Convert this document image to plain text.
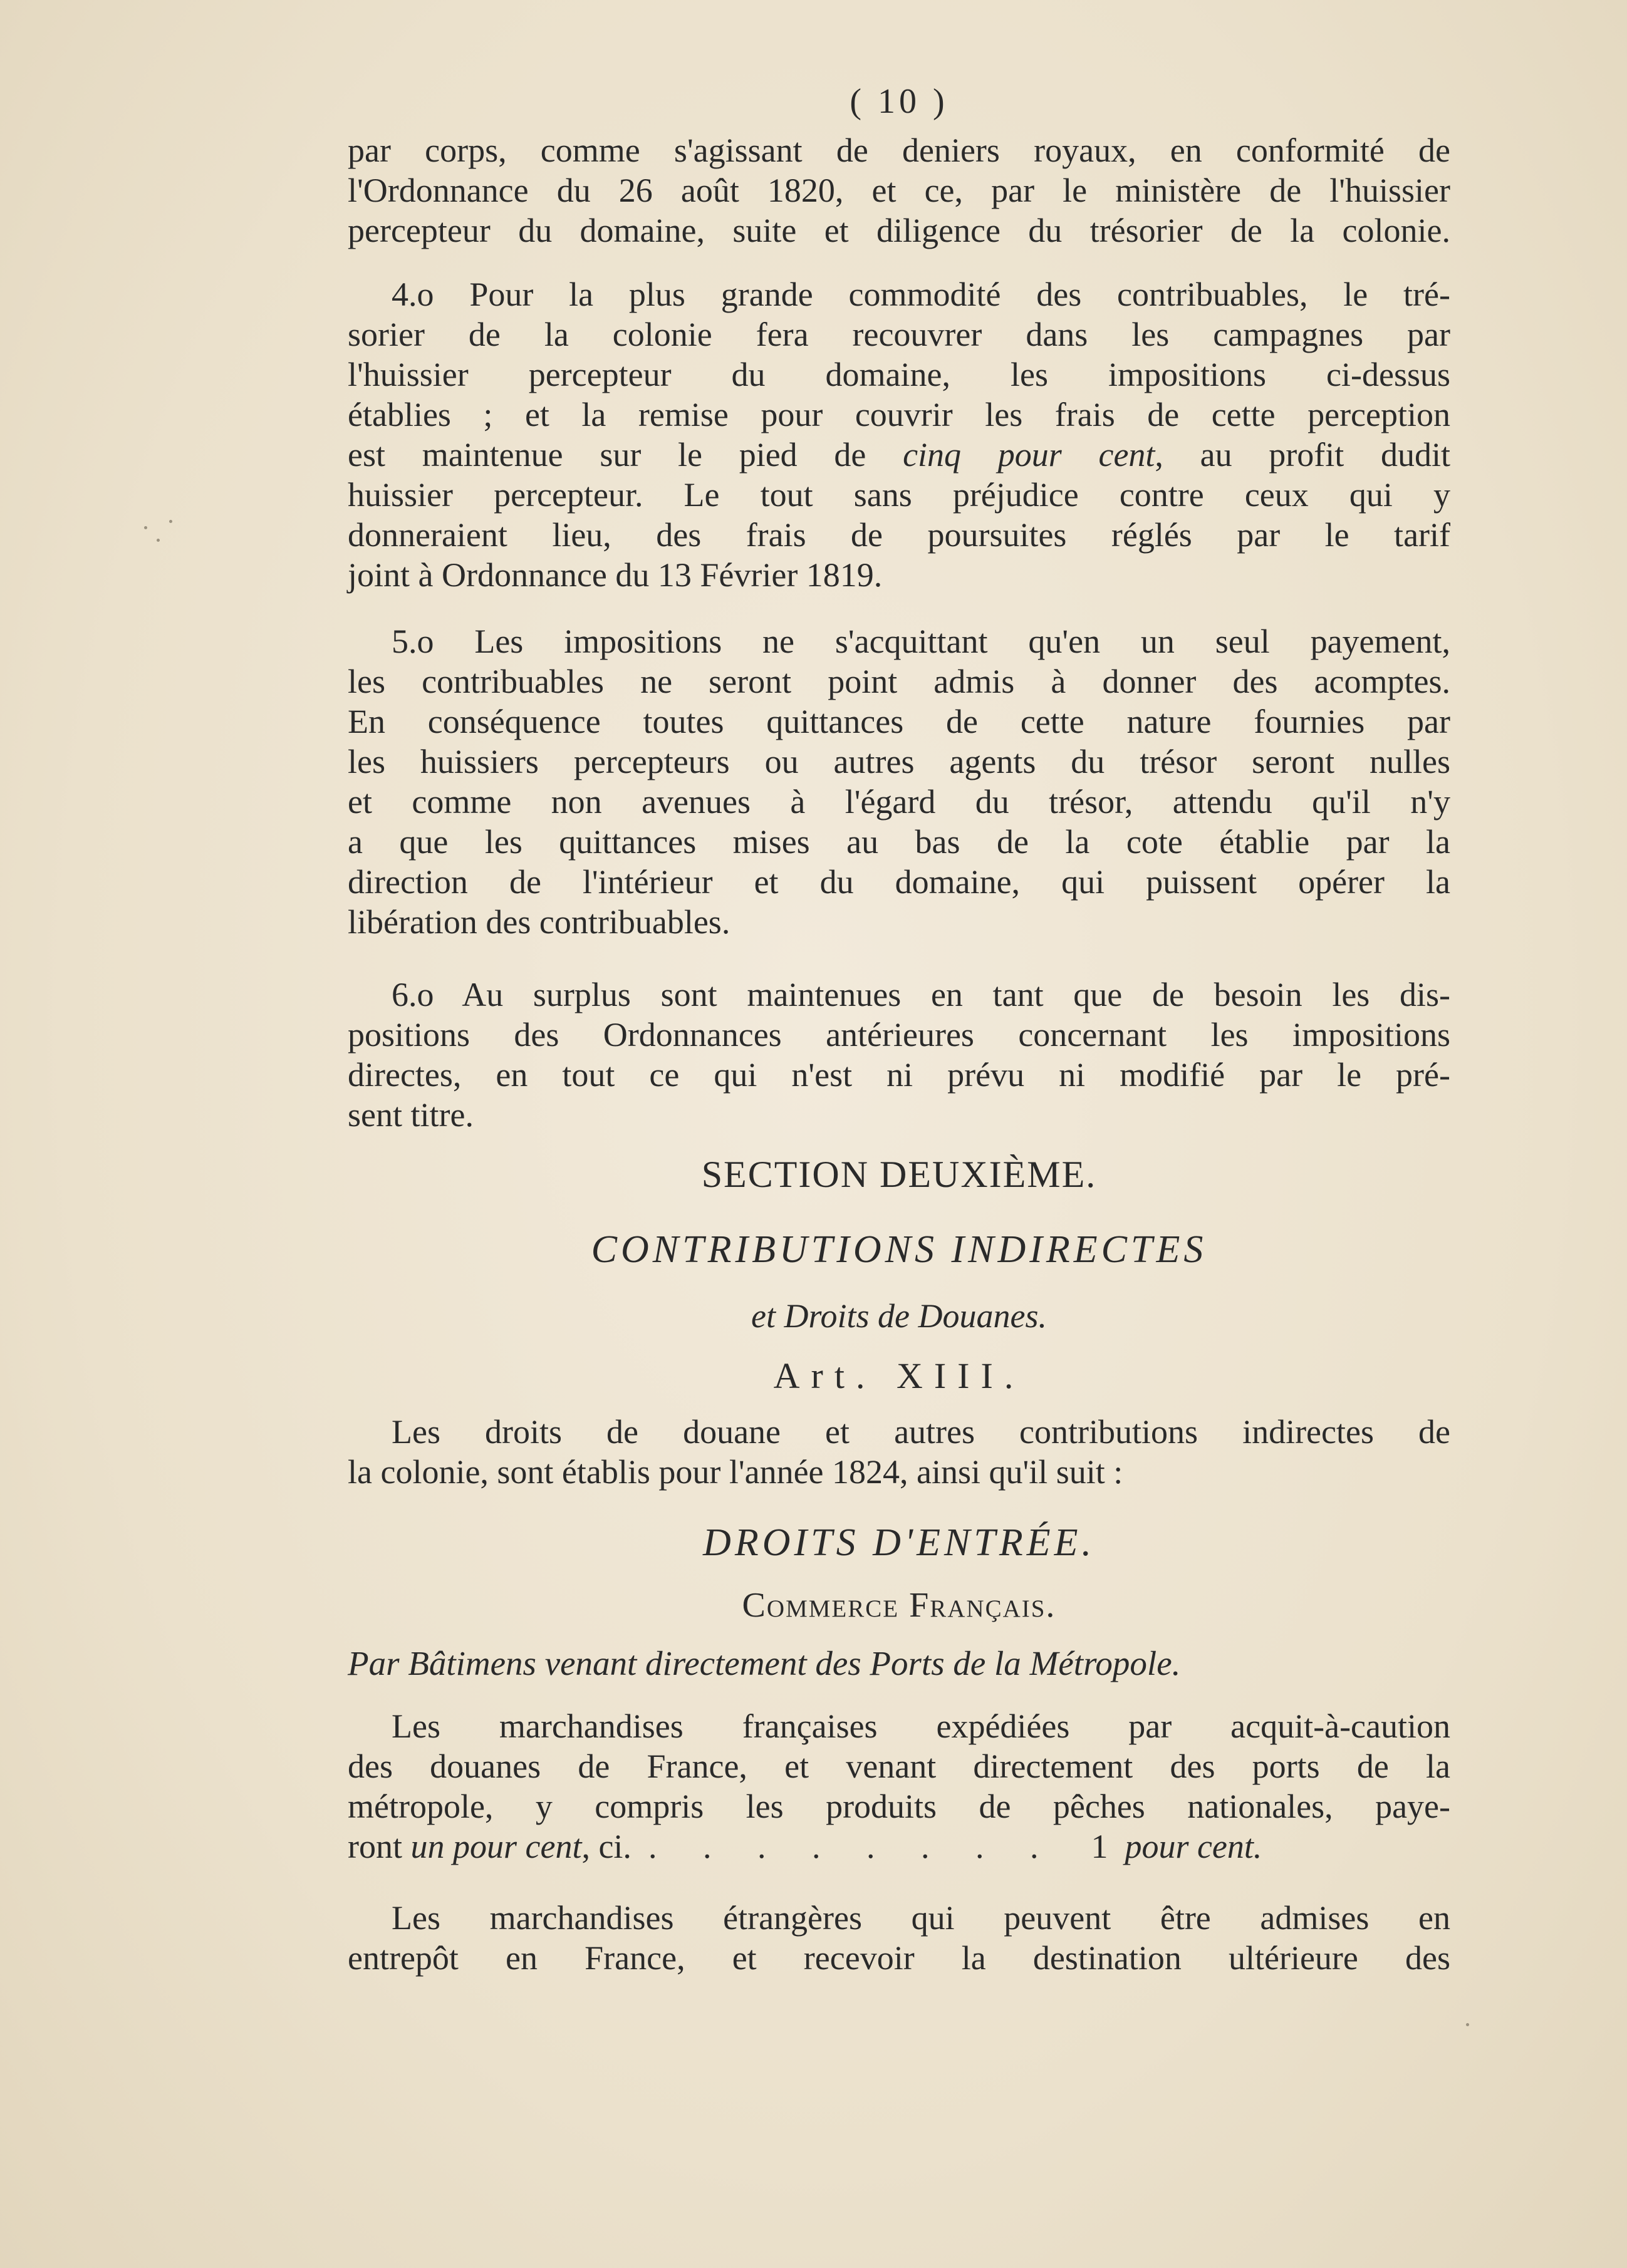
( 10 )
par corps, comme s'agissant de deniers royaux, en conformité de
l'Ordonnance du 26 août 1820, et ce, par le ministère de l'huissier
percepteur du domaine, suite et diligence du trésorier de la colonie.
4.o Pour la plus grande commodité des contribuables, le tré-
sorier de la colonie fera recouvrer dans les campagnes par
l'huissier percepteur du domaine, les impositions ci-dessus
établies ; et la remise pour couvrir les frais de cette perception
est maintenue sur le pied de cinq pour cent, au profit dudit
huissier percepteur. Le tout sans préjudice contre ceux qui y
donneraient lieu, des frais de poursuites réglés par le tarif
joint à Ordonnance du 13 Février 1819.
5.o Les impositions ne s'acquittant qu'en un seul payement,
les contribuables ne seront point admis à donner des acomptes.
En conséquence toutes quittances de cette nature fournies par
les huissiers percepteurs ou autres agents du trésor seront nulles
et comme non avenues à l'égard du trésor, attendu qu'il n'y
a que les quittances mises au bas de la cote établie par la
direction de l'intérieur et du domaine, qui puissent opérer la
libération des contribuables.
6.o Au surplus sont maintenues en tant que de besoin les dis-
positions des Ordonnances antérieures concernant les impositions
directes, en tout ce qui n'est ni prévu ni modifié par le pré-
sent titre.
SECTION DEUXIÈME.
CONTRIBUTIONS INDIRECTES
et Droits de Douanes.
Art. XIII.
Les droits de douane et autres contributions indirectes de
la colonie, sont établis pour l'année 1824, ainsi qu'il suit :
DROITS D'ENTRÉE.
Commerce Français.
Par Bâtimens venant directement des Ports de la Métropole.
Les marchandises françaises expédiées par acquit-à-caution
des douanes de France, et venant directement des ports de la
métropole, y compris les produits de pêches nationales, paye-
ront un pour cent, ci. . . . . . . . . 1 pour cent.
Les marchandises étrangères qui peuvent être admises en
entrepôt en France, et recevoir la destination ultérieure des
